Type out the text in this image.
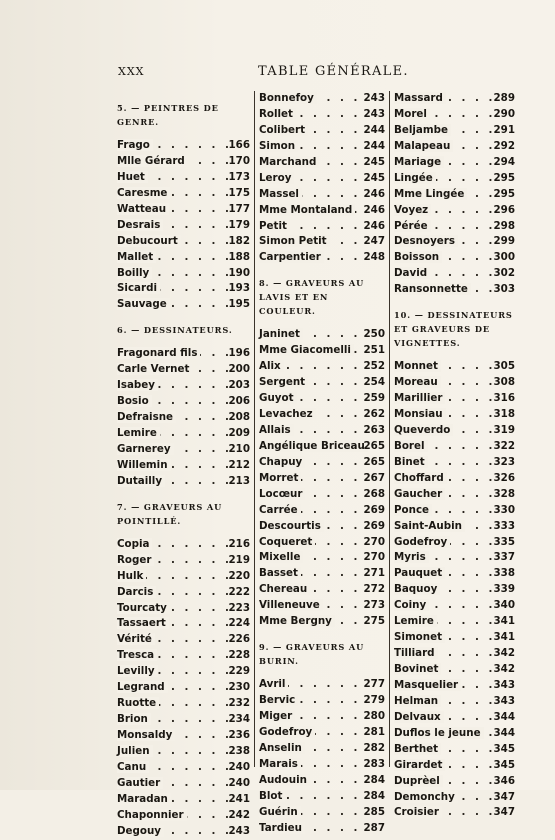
XXX	TABLE GÉNÉRALE.
5. — PEINTRES DE GENRE.
. . .
Frago	166
. . .
Mlle Gérard	170
. . .
Huet	173
. . .
Caresme	175
. . .
Watteau	177
. . .
Desrais	179
. . .
Debucourt	182
. . .
Mallet	188
. . .
Boilly	190
. . .
Sicardi	193
. . .
Sauvage	195
6. — DESSINATEURS.
. . .
Fragonard fils	196
. . .
Carle Vernet	200
. . .
Isabey	203
. . .
Bosio	206
. . .
Defraisne	208
. . .
Lemire	209
. . .
Garnerey	210
. . .
Willemin	212
. . .
Dutailly	213
7. — GRAVEURS AU POINTILLÉ.
. . .
Copia	216
. . .
Roger	219
. . .
Hulk	220
. . .
Darcis	222
. . .
Tourcaty	223
. . .
Tassaert	224
. . .
Vérité	226
. . .
Tresca	228
. . .
Levilly	229
. . .
Legrand	230
. . .
Ruotte	232
. . .
Brion	234
. . .
Monsaldy	236
. . .
Julien	238
. . .
Canu	240
. . .
Gautier	240
. . .
Maradan	241
. . .
Chaponnier	242
. . .
Degouy	243
. . .
Bonnefoy	243
. . .
Rollet	243
. . .
Colibert	244
. . .
Simon	244
. . .
Marchand	245
. . .
Leroy	245
. . .
Massel	246
. . .
Mme Montaland 246
. . .
Petit	246
. . .
Simon Petit	247
. . .
Carpentier	248
8. — GRAVEURS AU LAVIS ET EN COULEUR.
. . .
Janinet	250
. . .
Mme Giacomelli 251
. . .
Alix	252
. . .
Sergent	254
. . .
Guyot	259
. . .
Levachez	262
. . .
Allais	263
. . .
Angélique Briceau
265
. . .
Chapuy	265
. . .
Morret	267
. . .
Locœur	268
. . .
Carrée	269
. . .
Descourtis	269
. . .
Coqueret	270
. . .
Mixelle	270
. . .
Basset	271
. . .
Chereau	272
. . .
Villeneuve	273
. . .
Mme Bergny	275
9. — GRAVEURS AU BURIN.
. . .
Avril	277
. . .
Bervic	279
. . .
Miger	280
. . .
Godefroy	281
. . .
Anselin	282
. . .
Marais	283
. . .
Audouin	284
. . .
Blot	284
. . .
Guérin	285
. . .
Tardieu	287
. . .
Massard	289
. . .
Morel	290
. . .
Beljambe	291
. . .
Malapeau	292
. . .
Mariage	294
. . .
Lingée	295
. . .
Mme Lingée	295
. . .
Voyez	296
. . .
Pérée	298
. . .
Desnoyers	299
. . .
Boisson	300
. . .
David	302
. . .
Ransonnette 303
10. — DESSINATEURS ET GRAVEURS DE VIGNETTES.
. . .
Monnet	305
. . .
Moreau	308
. . .
Marillier	316
. . .
Monsiau	318
. . .
Queverdo	319
. . .
Borel	322
. . .
Binet	323
. . .
Choffard	326
. . .
Gaucher	328
. . .
Ponce	330
. . .
Saint-Aubin	333
. . .
Godefroy	335
. . .
Myris	337
. . .
Pauquet	338
. . .
Baquoy	339
. . .
Coiny	340
. . .
Lemire	341
. . .
Simonet	341
. . .
Tilliard	342
. . .
Bovinet	342
. . .
Masquelier	343
. . .
Helman	343
. . .
Delvaux	344
. . .
Duflos le jeune 344
. . .
Berthet	345
. . .
Girardet	345
. . .
Duprèel	346
. . .
Demonchy	347
. . .
Croisier	347
